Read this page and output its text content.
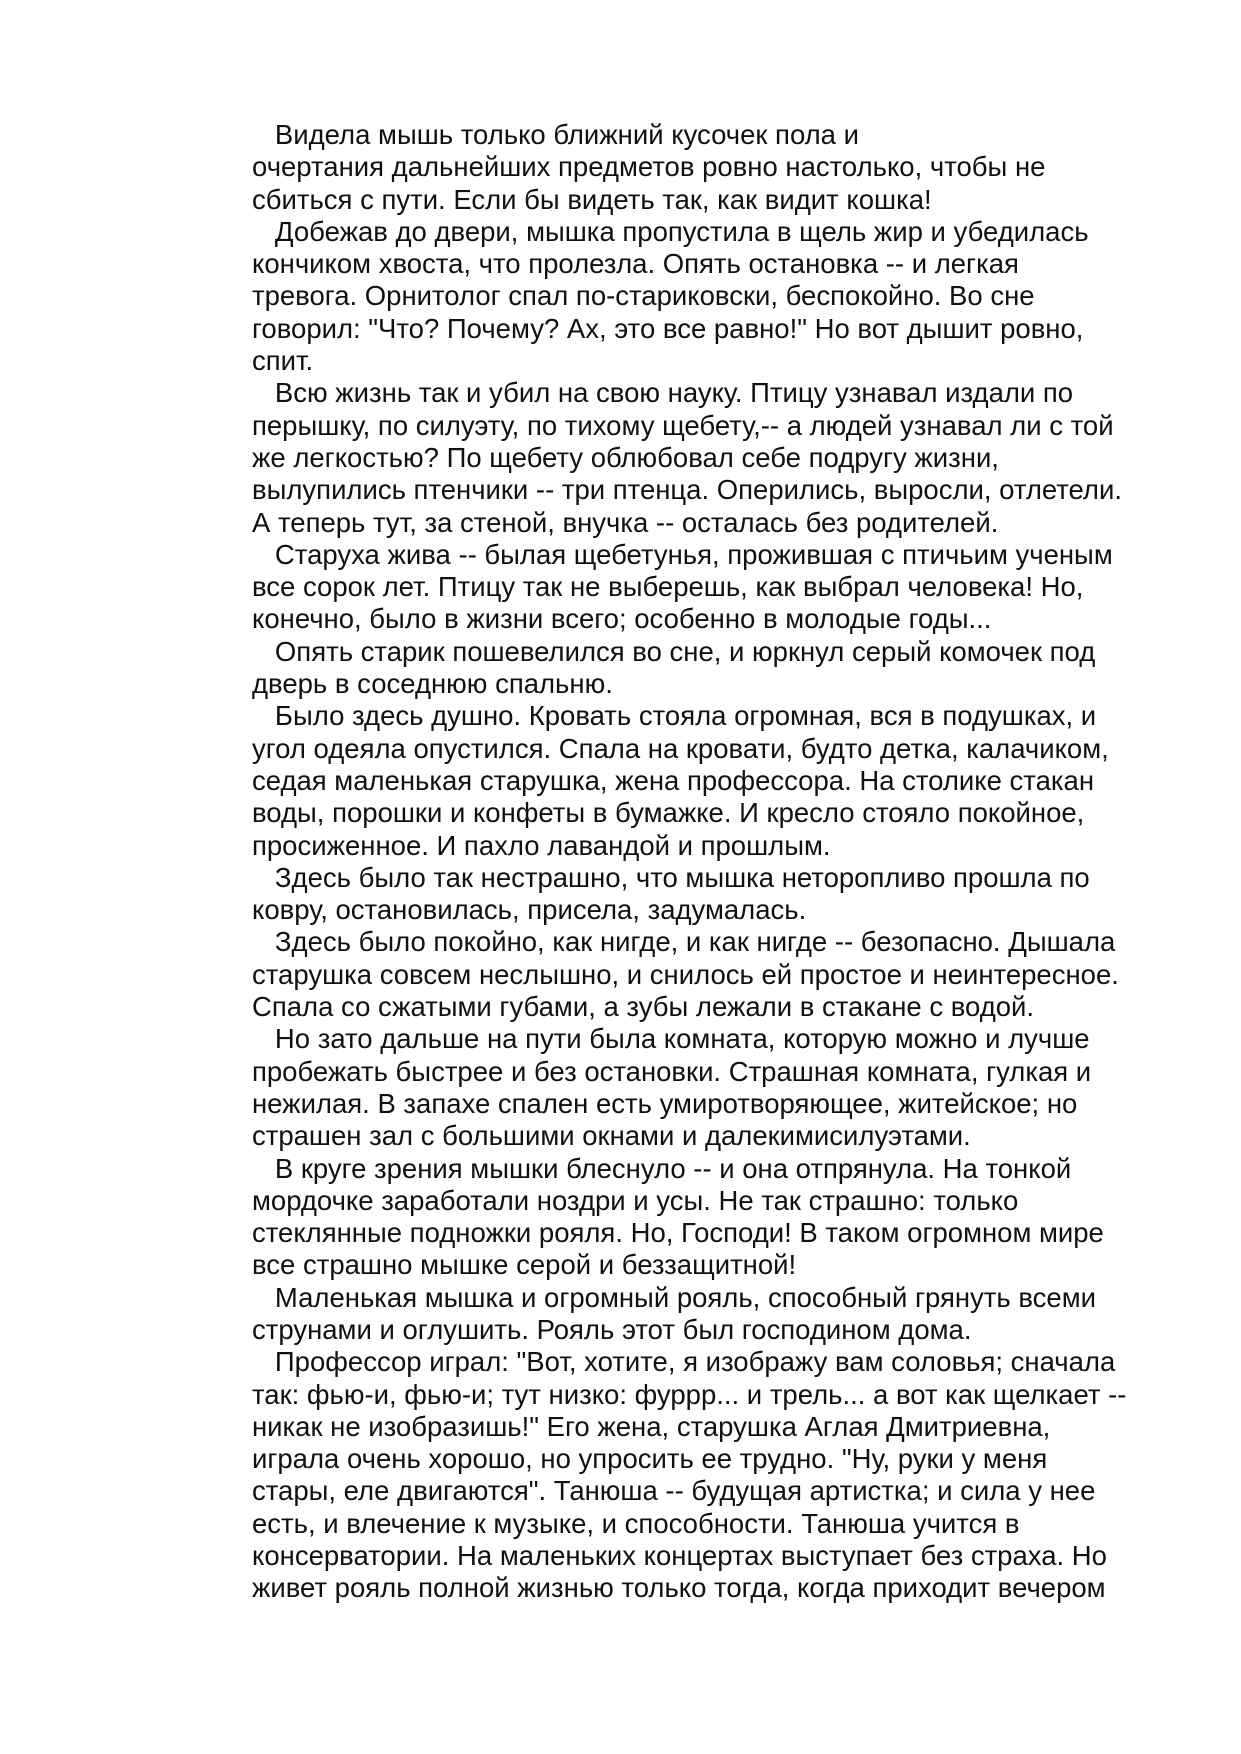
Видела мышь только ближний кусочек пола и
очертания дальнейших предметов ровно настолько, чтобы не
сбиться с пути. Если бы видеть так, как видит кошка!
Добежав до двери, мышка пропустила в щель жир и убедилась
кончиком хвоста, что пролезла. Опять остановка -- и легкая
тревога. Орнитолог спал по-стариковски, беспокойно. Во сне
говорил: "Что? Почему? Ах, это все равно!" Но вот дышит ровно,
спит.
Всю жизнь так и убил на свою науку. Птицу узнавал издали по
перышку, по силуэту, по тихому щебету,-- а людей узнавал ли с той
же легкостью? По щебету облюбовал себе подругу жизни,
вылупились птенчики -- три птенца. Оперились, выросли, отлетели.
А теперь тут, за стеной, внучка -- осталась без родителей.
Старуха жива -- былая щебетунья, прожившая с птичьим ученым
все сорок лет. Птицу так не выберешь, как выбрал человека! Но,
конечно, было в жизни всего; особенно в молодые годы...
Опять старик пошевелился во сне, и юркнул серый комочек под
дверь в соседнюю спальню.
Было здесь душно. Кровать стояла огромная, вся в подушках, и
угол одеяла опустился. Спала на кровати, будто детка, калачиком,
седая маленькая старушка, жена профессора. На столике стакан
воды, порошки и конфеты в бумажке. И кресло стояло покойное,
просиженное. И пахло лавандой и прошлым.
Здесь было так нестрашно, что мышка неторопливо прошла по
ковру, остановилась, присела, задумалась.
Здесь было покойно, как нигде, и как нигде -- безопасно. Дышала
старушка совсем неслышно, и снилось ей простое и неинтересное.
Спала со сжатыми губами, а зубы лежали в стакане с водой.
Но зато дальше на пути была комната, которую можно и лучше
пробежать быстрее и без остановки. Страшная комната, гулкая и
нежилая. В запахе спален есть умиротворяющее, житейское; но
страшен зал с большими окнами и далекимисилуэтами.
В круге зрения мышки блеснуло -- и она отпрянула. На тонкой
мордочке заработали ноздри и усы. Не так страшно: только
стеклянные подножки рояля. Но, Господи! В таком огромном мире
все страшно мышке серой и беззащитной!
Маленькая мышка и огромный рояль, способный грянуть всеми
струнами и оглушить. Рояль этот был господином дома.
Профессор играл: "Вот, хотите, я изображу вам соловья; сначала
так: фью-и, фью-и; тут низко: фуррр... и трель... а вот как щелкает --
никак не изобразишь!" Его жена, старушка Аглая Дмитриевна,
играла очень хорошо, но упросить ее трудно. "Ну, руки у меня
стары, еле двигаются". Танюша -- будущая артистка; и сила у нее
есть, и влечение к музыке, и способности. Танюша учится в
консерватории. На маленьких концертах выступает без страха. Но
живет рояль полной жизнью только тогда, когда приходит вечером
